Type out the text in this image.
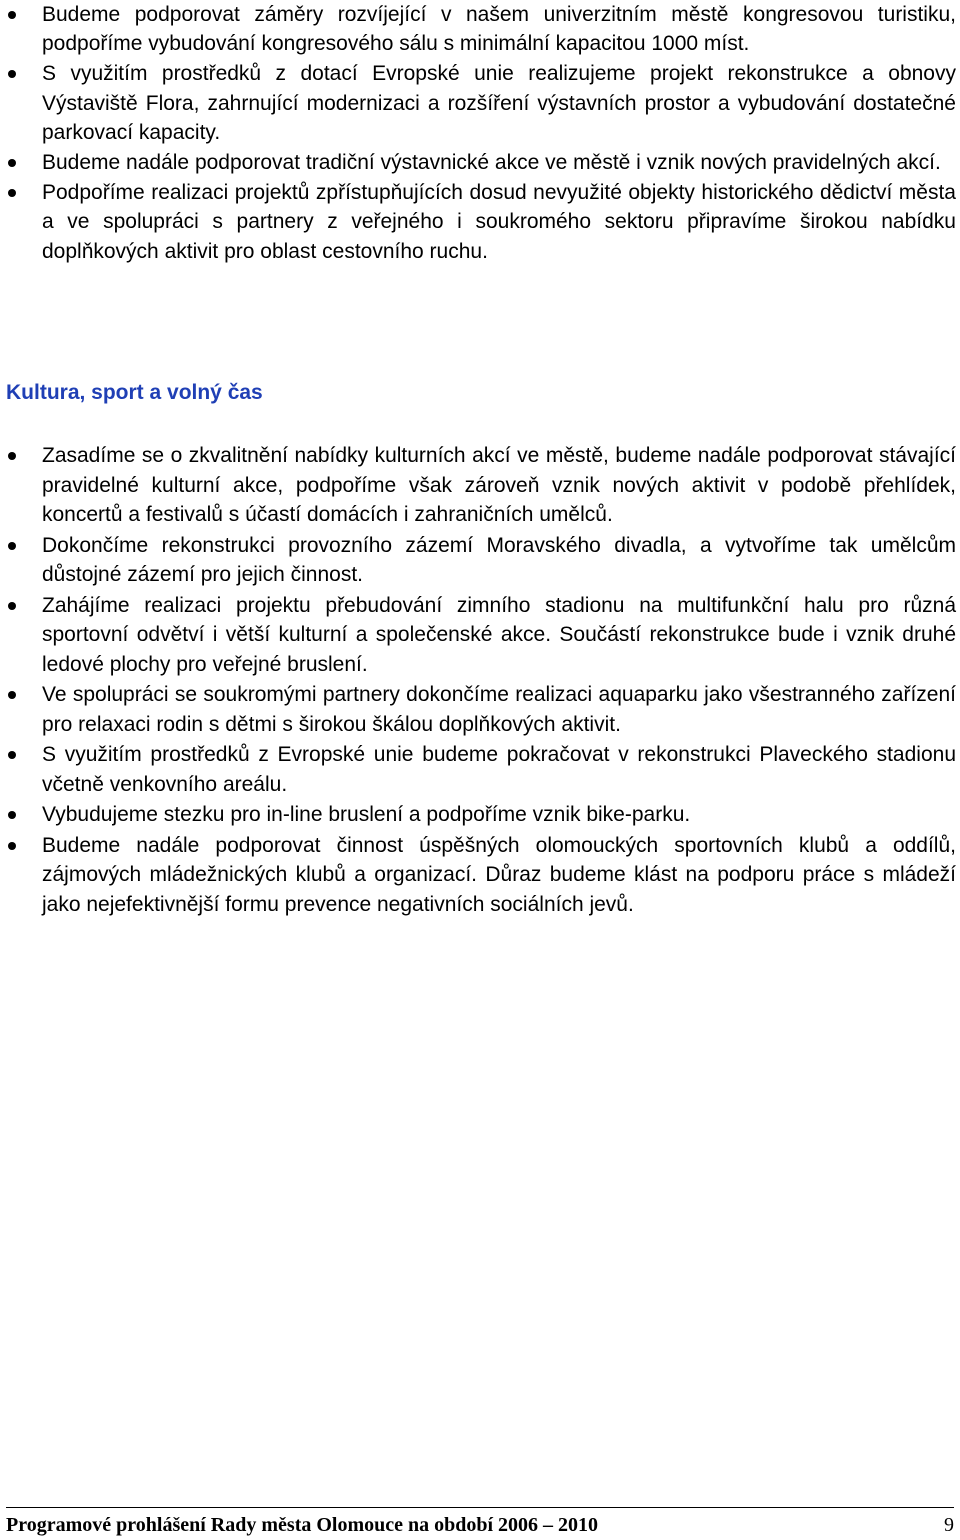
Budeme podporovat záměry rozvíjející v našem univerzitním městě kongresovou turistiku, podpoříme vybudování kongresového sálu s minimální kapacitou 1000 míst.
S využitím prostředků z dotací Evropské unie realizujeme projekt rekonstrukce a obnovy Výstaviště Flora, zahrnující modernizaci a rozšíření výstavních prostor a vybudování dostatečné parkovací kapacity.
Budeme nadále podporovat tradiční výstavnické akce ve městě i vznik nových pravidelných akcí.
Podpoříme realizaci projektů zpřístupňujících dosud nevyužité objekty historického dědictví města a ve spolupráci s partnery z veřejného i soukromého sektoru připravíme širokou nabídku doplňkových aktivit pro oblast cestovního ruchu.
Kultura, sport a volný čas
Zasadíme se o zkvalitnění nabídky kulturních akcí ve městě, budeme nadále podporovat stávající pravidelné kulturní akce, podpoříme však zároveň vznik nových aktivit v podobě přehlídek, koncertů a festivalů s účastí domácích i zahraničních umělců.
Dokončíme rekonstrukci provozního zázemí Moravského divadla, a vytvoříme tak umělcům důstojné zázemí pro jejich činnost.
Zahájíme realizaci projektu přebudování zimního stadionu na multifunkční halu pro různá sportovní odvětví i větší kulturní a společenské akce. Součástí rekonstrukce bude i vznik druhé ledové plochy pro veřejné bruslení.
Ve spolupráci se soukromými partnery dokončíme realizaci aquaparku jako všestranného zařízení pro relaxaci rodin s dětmi s širokou škálou doplňkových aktivit.
S využitím prostředků z Evropské unie budeme pokračovat v rekonstrukci Plaveckého stadionu včetně venkovního areálu.
Vybudujeme stezku pro in-line bruslení a podpoříme vznik bike-parku.
Budeme nadále podporovat činnost úspěšných olomouckých sportovních klubů a oddílů, zájmových mládežnických klubů a organizací. Důraz budeme klást na podporu práce s mládeží jako nejefektivnější formu prevence negativních sociálních jevů.
Programové prohlášení Rady města Olomouce na období 2006 – 2010	9
